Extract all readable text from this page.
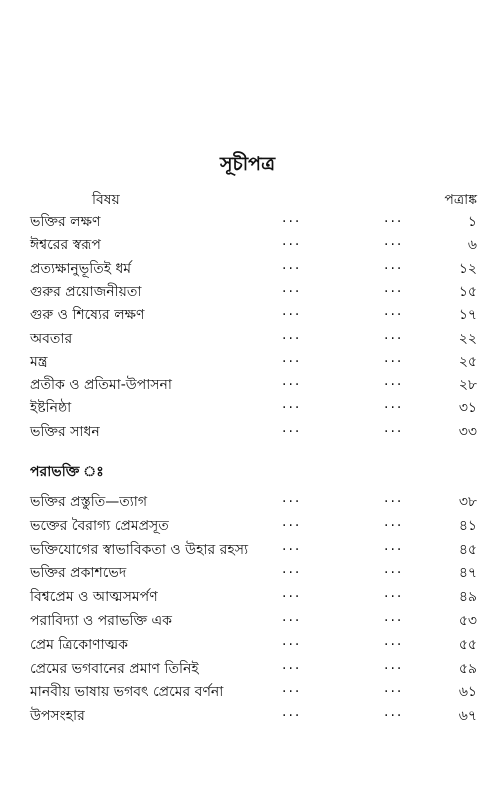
সূচীপত্র
বিষয়	পত্রাঙ্ক
ভক্তির লক্ষণ	...	...	১
ঈশ্বরের স্বরূপ	...	...	৬
প্রত্যক্ষানুভূতিই ধর্ম	...	...	১২
গুরুর প্রয়োজনীয়তা	...	...	১৫
গুরু ও শিষ্যের লক্ষণ	...	...	১৭
অবতার	...	...	২২
মন্ত্র	...	...	২৫
প্রতীক ও প্রতিমা-উপাসনা	...	...	২৮
ইষ্টনিষ্ঠা	...	...	৩১
ভক্তির সাধন	...	...	৩৩
পরাভক্তি ঃ
ভক্তির প্রস্তুতি—ত্যাগ	...	...	৩৮
ভক্তের বৈরাগ্য প্রেমপ্রসূত	...	...	৪১
ভক্তিযোগের স্বাভাবিকতা ও উহার রহস্য ...	...	৪৫
ভক্তির প্রকাশভেদ	...	...	৪৭
বিশ্বপ্রেম ও আত্মসমর্পণ	...	...	৪৯
পরাবিদ্যা ও পরাভক্তি এক	...	...	৫৩
প্রেম ত্রিকোণাত্মক	...	...	৫৫
প্রেমের ভগবানের প্রমাণ তিনিই	...	...	৫৯
মানবীয় ভাষায় ভগবৎ প্রেমের বর্ণনা	...	...	৬১
উপসংহার	...	...	৬৭
